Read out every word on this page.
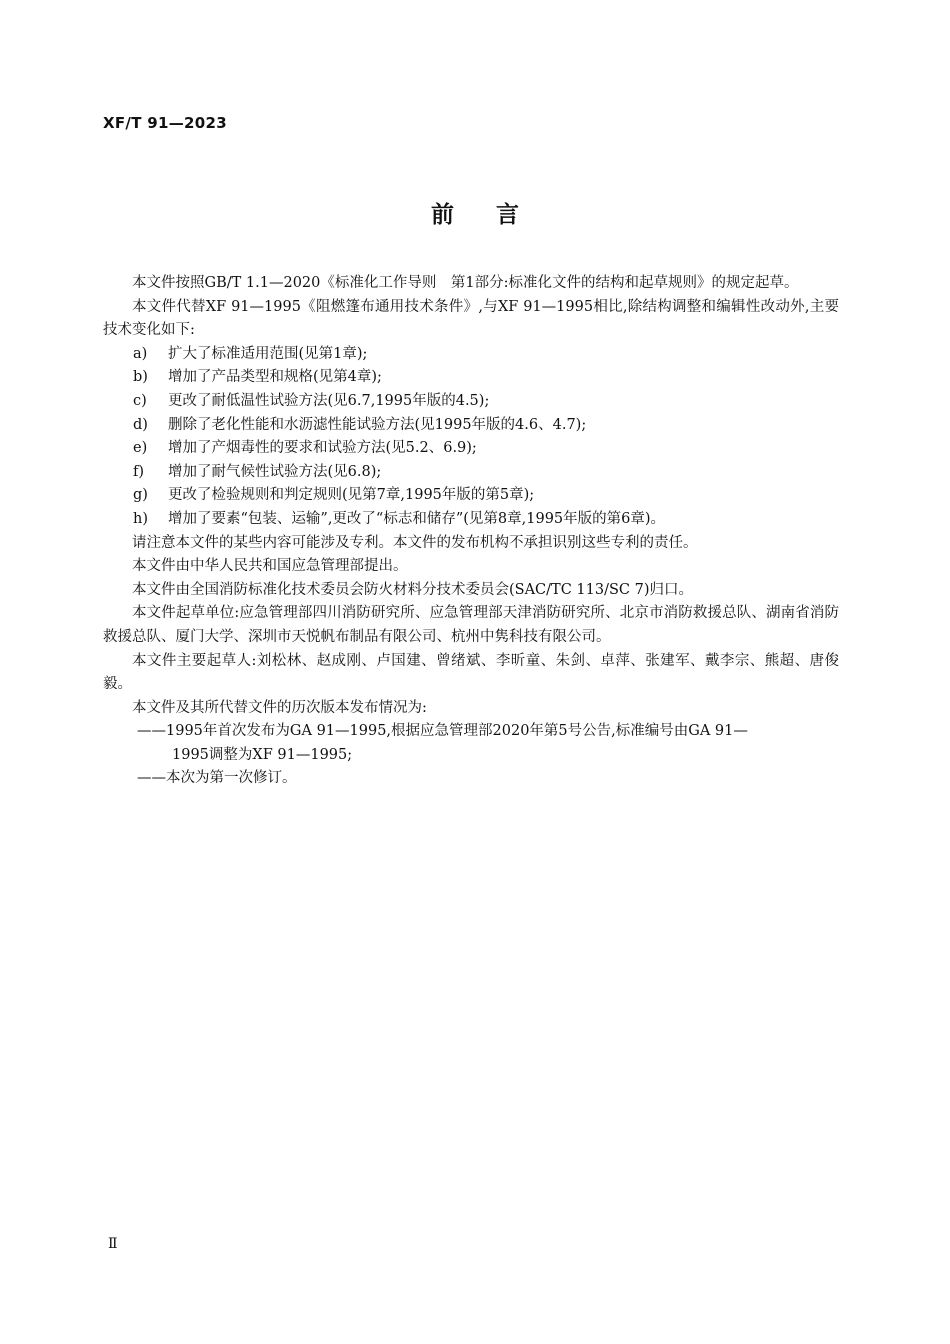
XF/T 91—2023
前言
本文件按照GB/T 1.1—2020《标准化工作导则　第1部分:标准化文件的结构和起草规则》的规定起草。
本文件代替XF 91—1995《阻燃篷布通用技术条件》,与XF 91—1995相比,除结构调整和编辑性改动外,主要技术变化如下:
a)	扩大了标准适用范围(见第1章);
b)	增加了产品类型和规格(见第4章);
c)	更改了耐低温性试验方法(见6.7,1995年版的4.5);
d)	删除了老化性能和水沥滤性能试验方法(见1995年版的4.6、4.7);
e)	增加了产烟毒性的要求和试验方法(见5.2、6.9);
f)	增加了耐气候性试验方法(见6.8);
g)	更改了检验规则和判定规则(见第7章,1995年版的第5章);
h)	增加了要素“包装、运输”,更改了“标志和储存”(见第8章,1995年版的第6章)。
请注意本文件的某些内容可能涉及专利。本文件的发布机构不承担识别这些专利的责任。
本文件由中华人民共和国应急管理部提出。
本文件由全国消防标准化技术委员会防火材料分技术委员会(SAC/TC 113/SC 7)归口。
本文件起草单位:应急管理部四川消防研究所、应急管理部天津消防研究所、北京市消防救援总队、湖南省消防救援总队、厦门大学、深圳市天悦帆布制品有限公司、杭州中隽科技有限公司。
本文件主要起草人:刘松林、赵成刚、卢国建、曾绪斌、李昕童、朱剑、卓萍、张建军、戴李宗、熊超、唐俊毅。
本文件及其所代替文件的历次版本发布情况为:
——1995年首次发布为GA 91—1995,根据应急管理部2020年第5号公告,标准编号由GA 91—
1995调整为XF 91—1995;
——本次为第一次修订。
Ⅱ
